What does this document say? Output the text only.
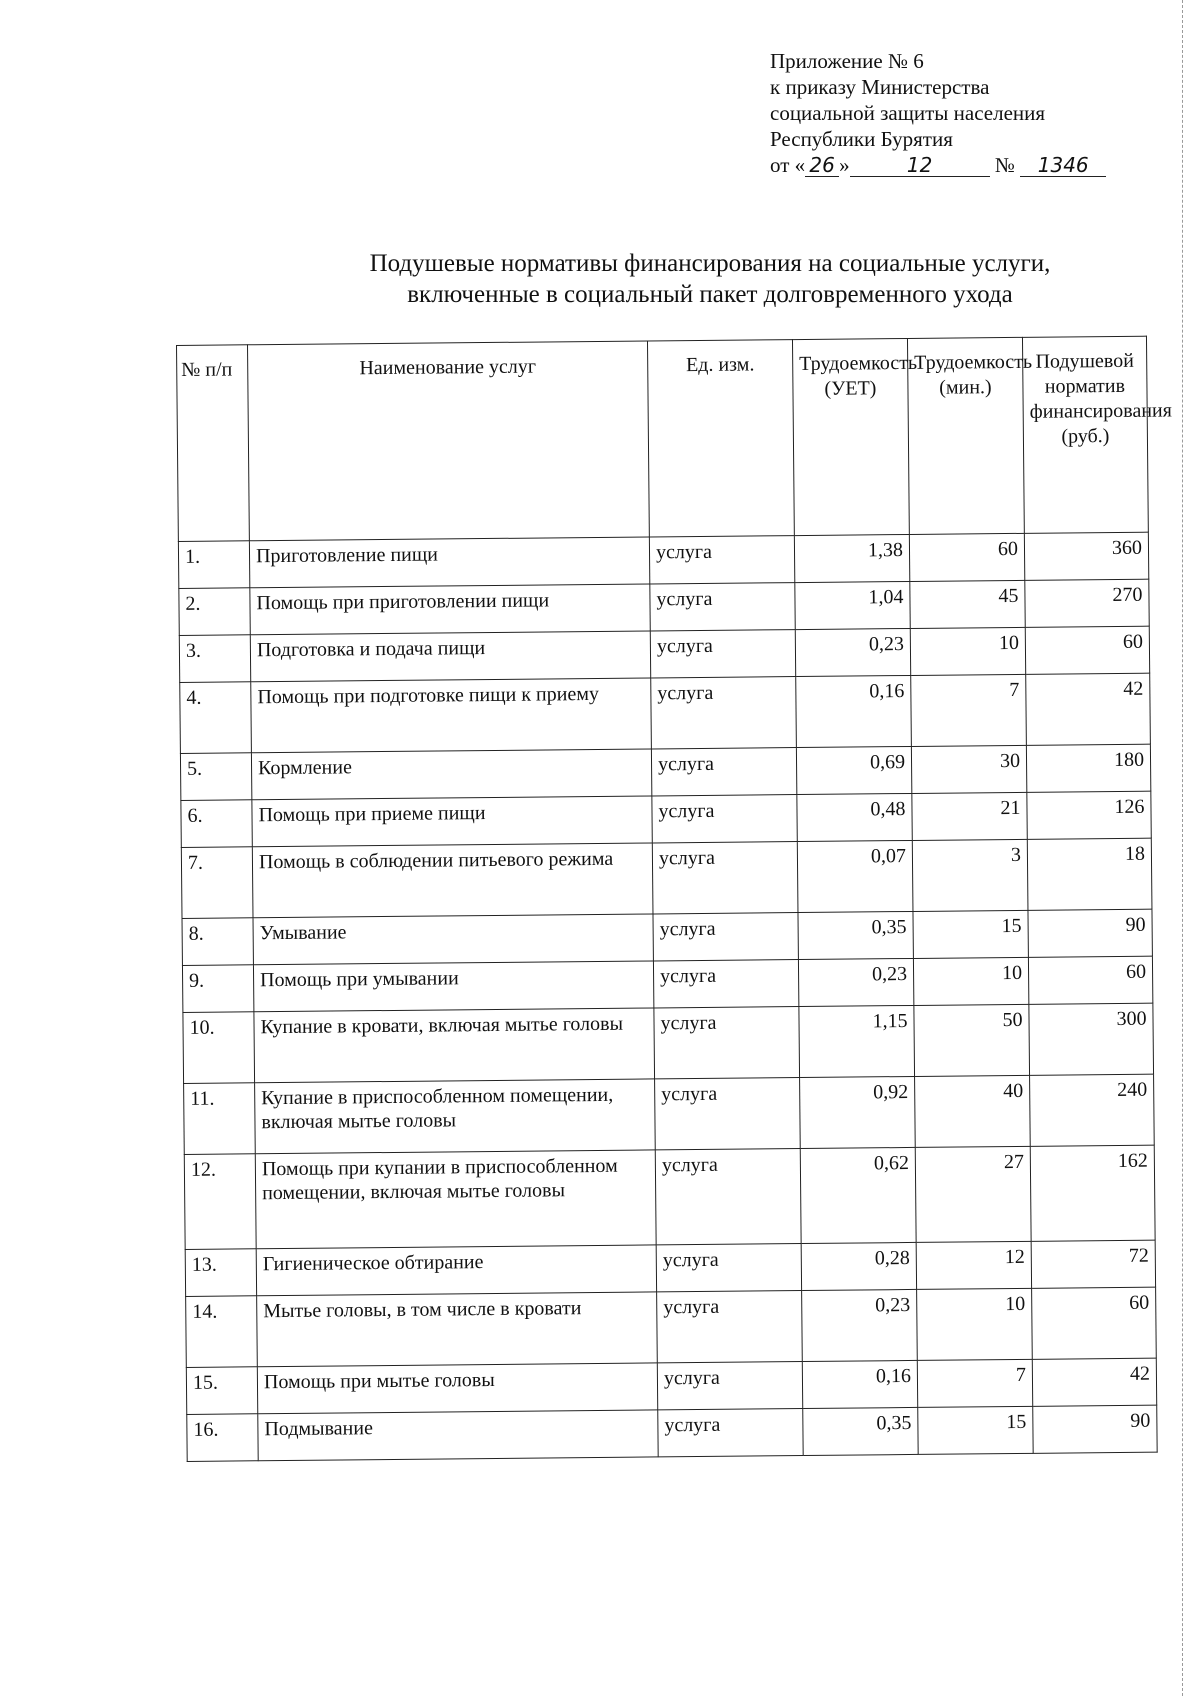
Приложение № 6
к приказу Министерства
социальной защиты населения
Республики Бурятия
от « 26 »	12	№ 1346
Подушевые нормативы финансирования на социальные услуги,
включенные в социальный пакет долговременного ухода
№ п/п	Наименование услуг	Ед. изм.	Трудоемкость (УЕТ)	Трудоемкость (мин.)	Подушевой норматив финансирования (руб.)
1.	Приготовление пищи	услуга	1,38	60	360
2.	Помощь при приготовлении пищи	услуга	1,04	45	270
3.	Подготовка и подача пищи	услуга	0,23	10	60
4.	Помощь при подготовке пищи к приему	услуга	0,16	7	42
5.	Кормление	услуга	0,69	30	180
6.	Помощь при приеме пищи	услуга	0,48	21	126
7.	Помощь в соблюдении питьевого режима	услуга	0,07	3	18
8.	Умывание	услуга	0,35	15	90
9.	Помощь при умывании	услуга	0,23	10	60
10.	Купание в кровати, включая мытье головы	услуга	1,15	50	300
11.	Купание в приспособленном помещении, включая мытье головы	услуга	0,92	40	240
12.	Помощь при купании в приспособленном помещении, включая мытье головы	услуга	0,62	27	162
13.	Гигиеническое обтирание	услуга	0,28	12	72
14.	Мытье головы, в том числе в кровати	услуга	0,23	10	60
15.	Помощь при мытье головы	услуга	0,16	7	42
16.	Подмывание	услуга	0,35	15	90
